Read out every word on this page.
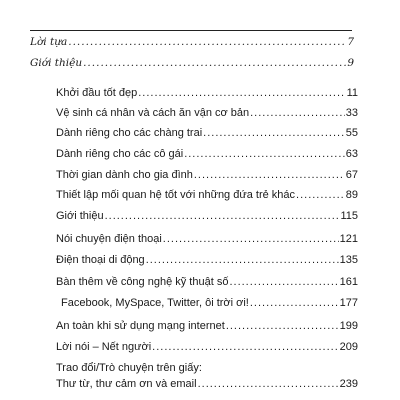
Lời tựa .....	7
Giới thiệu .....	9
Khởi đầu tốt đẹp .....	11
Vệ sinh cá nhân và cách ăn vận cơ bản .....	33
Dành riêng cho các chàng trai .....	55
Dành riêng cho các cô gái .....	63
Thời gian dành cho gia đình .....	67
Thiết lập mối quan hệ tốt với những đứa trẻ khác .....	89
Giới thiệu .....	115
Nói chuyện điện thoại .....	121
Điện thoại di động .....	135
Bàn thêm về công nghệ kỹ thuật số .....	161
Facebook, MySpace, Twitter, ôi trời ơi! .....	177
An toàn khi sử dụng mạng internet .....	199
Lời nói – Nết người .....	209
Trao đổi/Trò chuyện trên giấy:
Thư từ, thư cảm ơn và email .....	239
